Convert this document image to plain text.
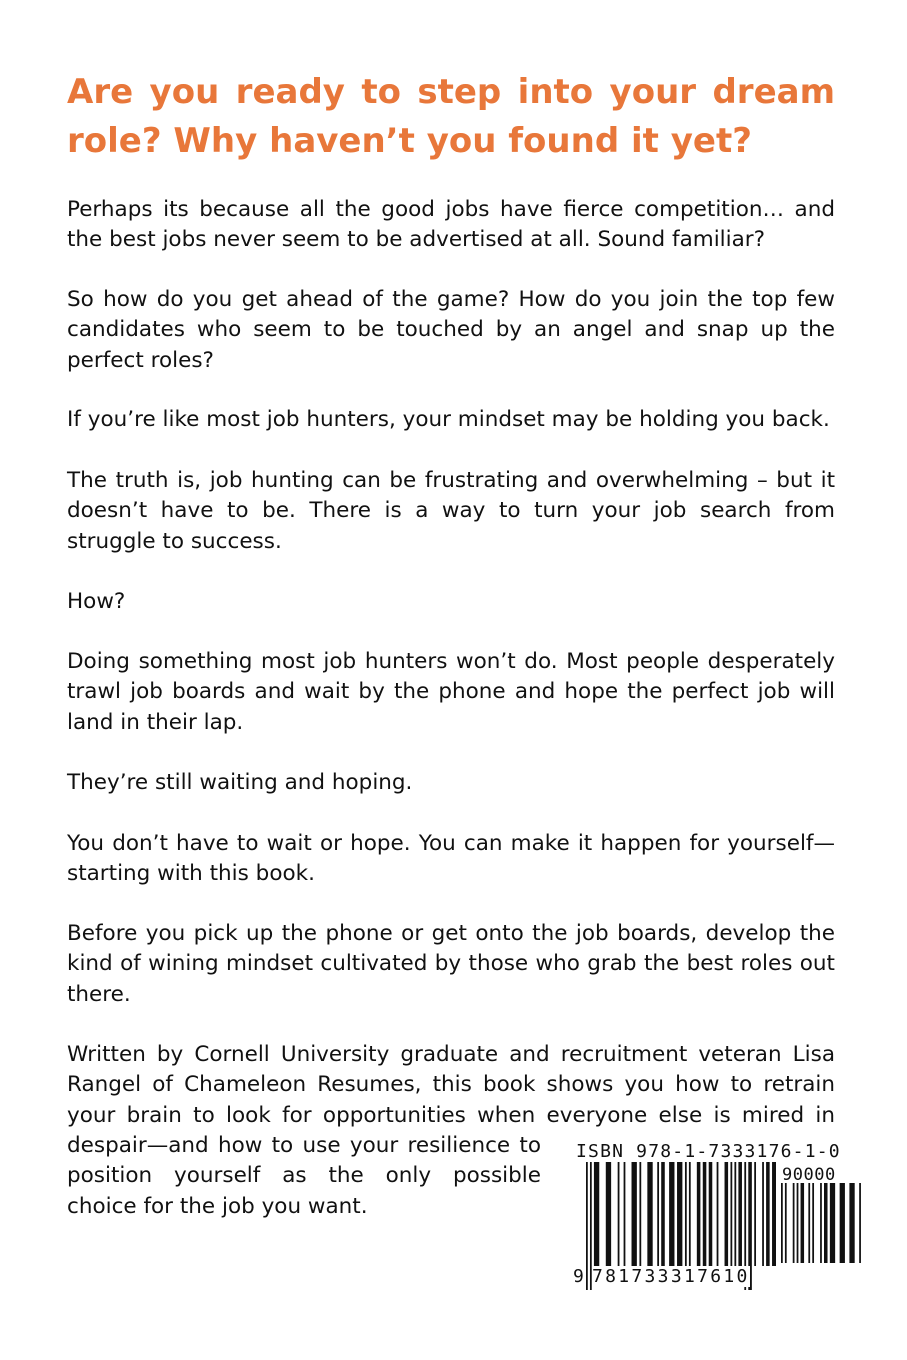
Are you ready to step into your dream role? Why haven’t you found it yet?

Perhaps its because all the good jobs have fierce competition… and the best jobs never seem to be advertised at all. Sound familiar?

So how do you get ahead of the game? How do you join the top few candidates who seem to be touched by an angel and snap up the perfect roles?

If you’re like most job hunters, your mindset may be holding you back.

The truth is, job hunting can be frustrating and overwhelming – but it doesn’t have to be. There is a way to turn your job search from struggle to success.

How?

Doing something most job hunters won’t do. Most people desperately trawl job boards and wait by the phone and hope the perfect job will land in their lap.

They’re still waiting and hoping.

You don’t have to wait or hope. You can make it happen for yourself—starting with this book.

Before you pick up the phone or get onto the job boards, develop the kind of wining mindset cultivated by those who grab the best roles out there.

Written by Cornell University graduate and recruitment veteran Lisa Rangel of Chameleon Resumes, this book shows you how to retrain your brain to look for opportunities when everyone else is mired in

despair—and how to use your resilience to position yourself as the only possible choice for the job you want.

ISBN 978-1-7333176-1-0
90000
9 781733317610
